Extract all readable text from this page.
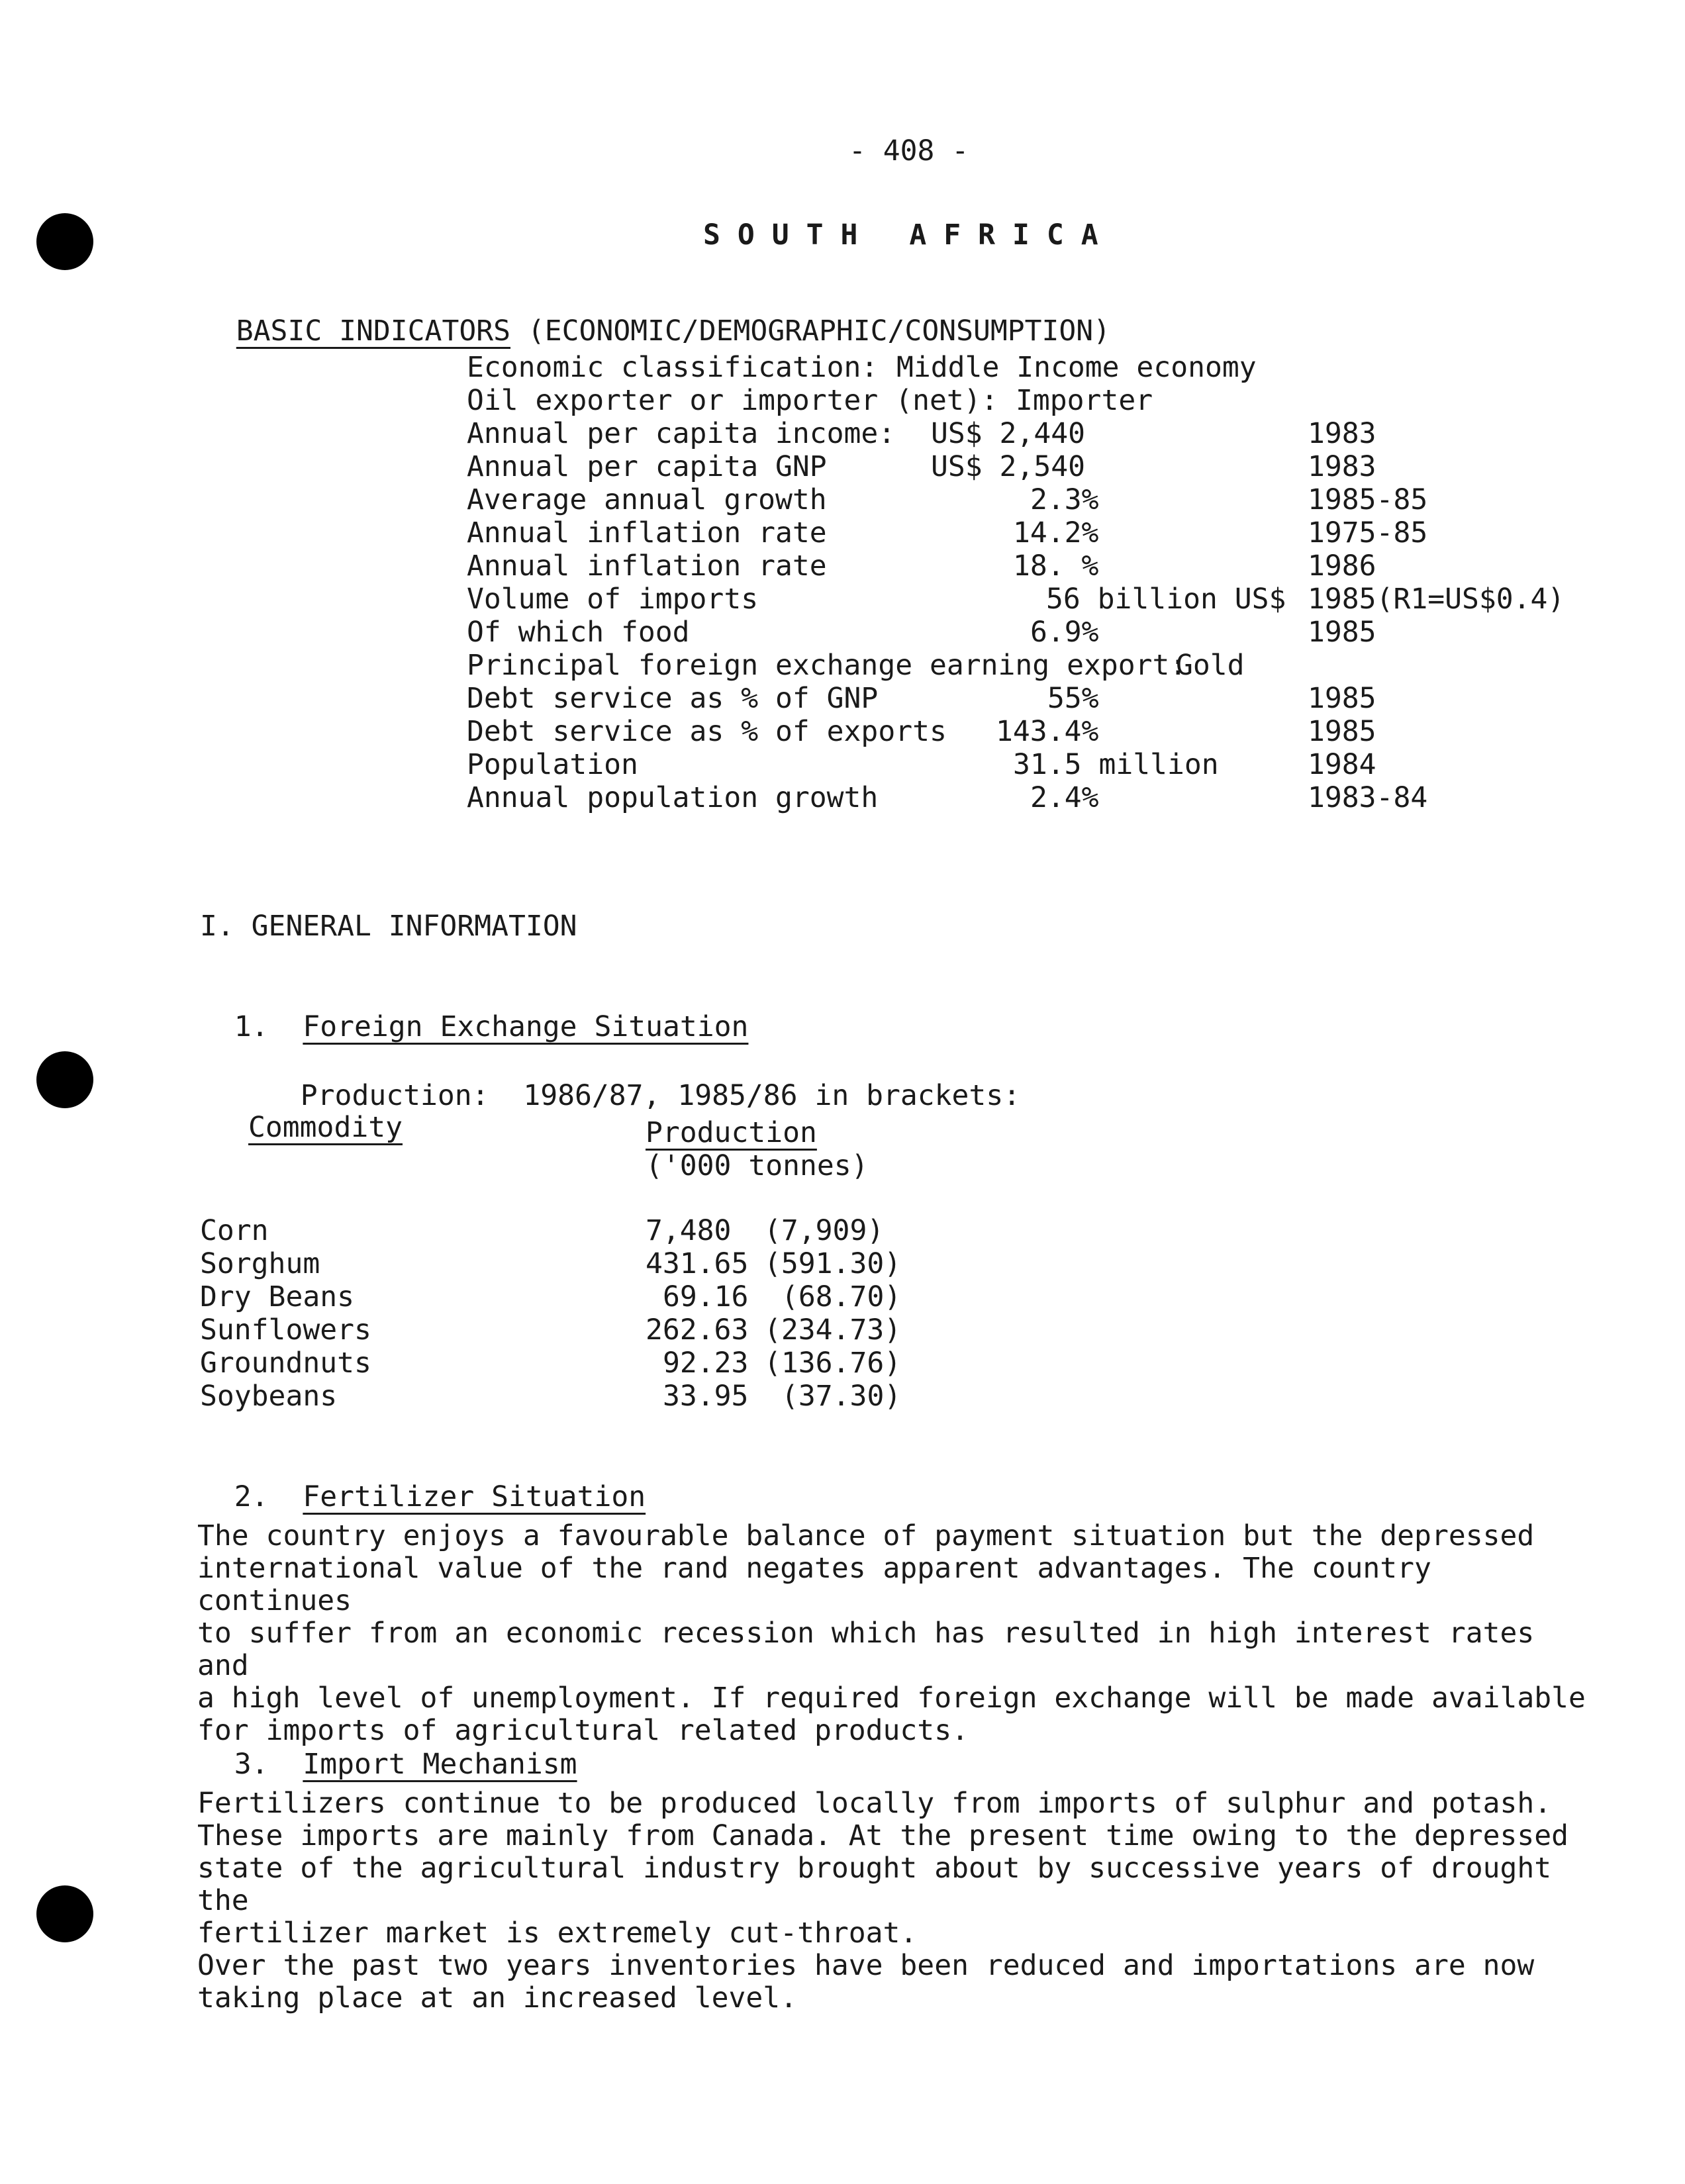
- 408 -
SOUTH AFRICA

BASIC INDICATORS (ECONOMIC/DEMOGRAPHIC/CONSUMPTION)

Economic classification: Middle Income economy
Oil exporter or importer (net): Importer
Annual per capita income: US$ 2,440	1983
Annual per capita GNP	US$ 2,540	1983
Average annual growth	2.3%	1985-85
Annual inflation rate	14.2%	1975-85
Annual inflation rate	18. %	1986
Volume of imports	56 billion US$ 1985(R1=US$0.4)
Of which food	6.9%	1985
Principal foreign exchange earning export:
Gold
Debt service as % of GNP	55%	1985
Debt service as % of exports 143.4%	1985
Population	31.5 million	1984
Annual population growth	2.4%	1983-84
I. GENERAL INFORMATION

1. Foreign Exchange Situation

Production: 1986/87, 1985/86 in brackets:

Commodity	Production
('000 tonnes)
Corn	7,480 (7,909)
Sorghum	431.65 (591.30)
Dry Beans	69.16 (68.70)
Sunflowers	262.63 (234.73)
Groundnuts	92.23 (136.76)
Soybeans	33.95 (37.30)

2. Fertilizer Situation

The country enjoys a favourable balance of payment situation but the depressed
international value of the rand negates apparent advantages. The country continues
to suffer from an economic recession which has resulted in high interest rates and
a high level of unemployment. If required foreign exchange will be made available
for imports of agricultural related products.

3. Import Mechanism

Fertilizers continue to be produced locally from imports of sulphur and potash.
These imports are mainly from Canada. At the present time owing to the depressed
state of the agricultural industry brought about by successive years of drought the
fertilizer market is extremely cut-throat.
Over the past two years inventories have been reduced and importations are now
taking place at an increased level.
